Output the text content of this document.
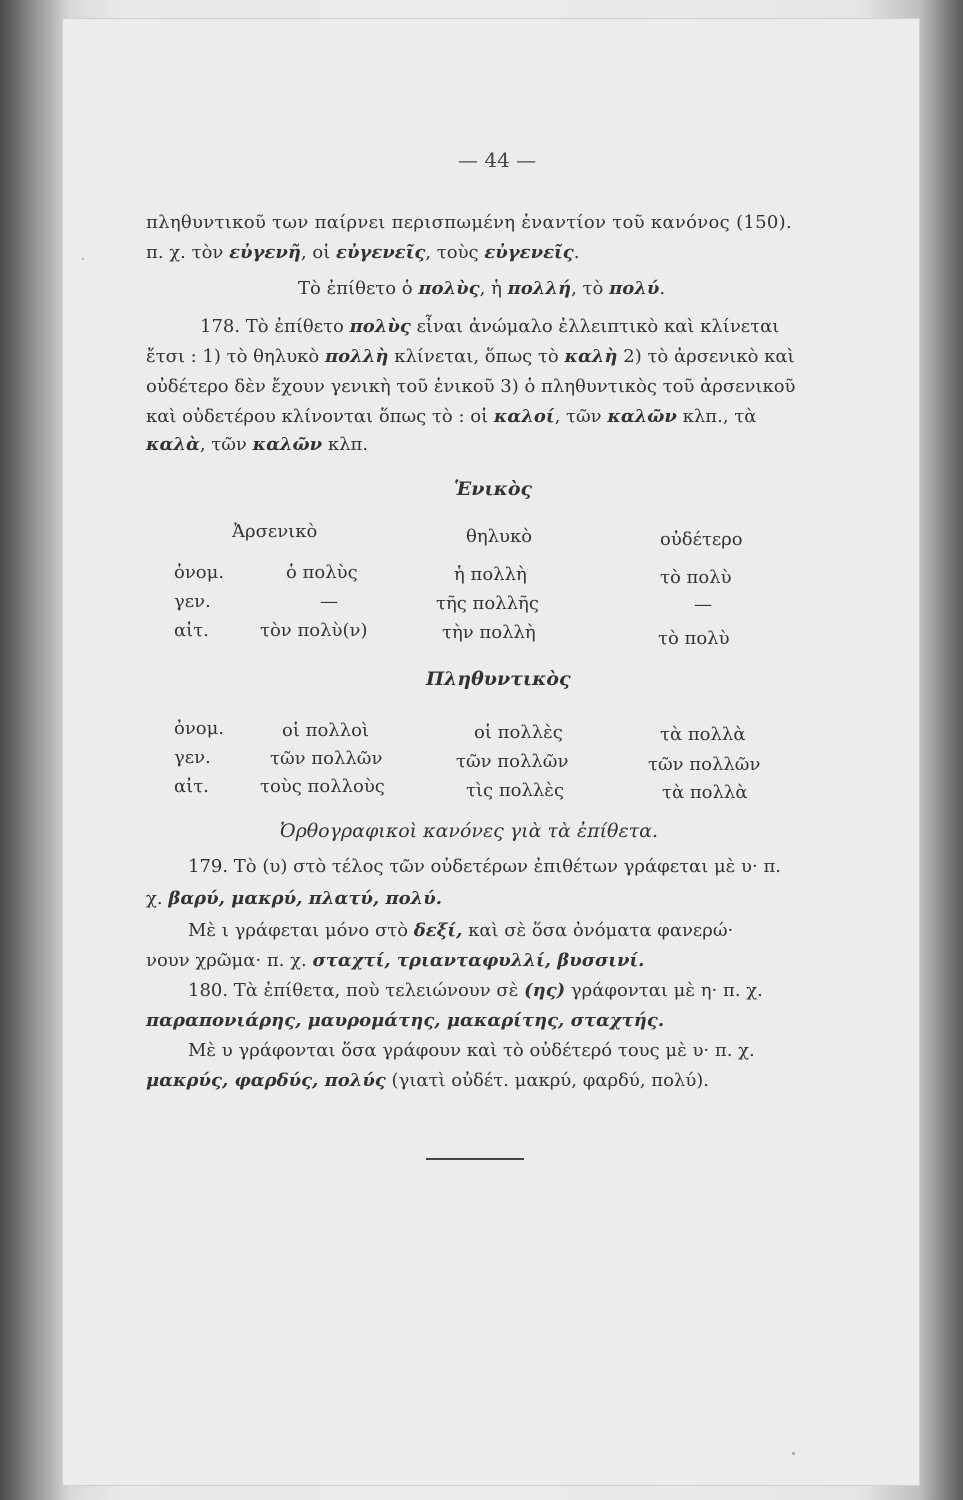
— 44 —
πληθυντικοῦ των παίρνει περισπωμένη ἐναντίον τοῦ κανόνος (150).
π. χ. τὸν εὐγενῆ, οἱ εὐγενεῖς, τοὺς εὐγενεῖς.
Τὸ ἐπίθετο ὁ πολὺς, ἡ πολλή, τὸ πολύ.
178. Τὸ ἐπίθετο πολὺς εἶναι ἀνώμαλο ἐλλειπτικὸ καὶ κλίνεται
ἔτσι : 1) τὸ θηλυκὸ πολλὴ κλίνεται, ὅπως τὸ καλὴ 2) τὸ ἀρσενικὸ καὶ
οὐδέτερο δὲν ἔχουν γενικὴ τοῦ ἑνικοῦ 3) ὁ πληθυντικὸς τοῦ ἀρσενικοῦ
καὶ οὐδετέρου κλίνονται ὅπως τὸ : οἱ καλοί, τῶν καλῶν κλπ., τὰ
καλὰ, τῶν καλῶν κλπ.
Ἑνικὸς
Ἀρσενικὸ	θηλυκὸ	οὐδέτερο
ὀνομ.	ὁ πολὺς	ἡ πολλὴ	τὸ πολὺ
γεν.	—	τῆς πολλῆς	—
αἰτ.	τὸν πολὺ(ν)	τὴν πολλὴ	τὸ πολὺ
Πληθυντικὸς
ὀνομ.	οἱ πολλοὶ	οἱ πολλὲς	τὰ πολλὰ
γεν.	τῶν πολλῶν	τῶν πολλῶν	τῶν πολλῶν
αἰτ.	τοὺς πολλοὺς	τὶς πολλὲς	τὰ πολλὰ
Ὀρθογραφικοὶ κανόνες γιὰ τὰ ἐπίθετα.
179. Τὸ (υ) στὸ τέλος τῶν οὐδετέρων ἐπιθέτων γράφεται μὲ υ· π.
χ. βαρύ, μακρύ, πλατύ, πολύ.
Μὲ ι γράφεται μόνο στὸ δεξί, καὶ σὲ ὅσα ὀνόματα φανερώ·
νουν χρῶμα· π. χ. σταχτί, τριανταφυλλί, βυσσινί.
180. Τὰ ἐπίθετα, ποὺ τελειώνουν σὲ (ης) γράφονται μὲ η· π. χ.
παραπονιάρης, μαυρομάτης, μακαρίτης, σταχτής.
Μὲ υ γράφονται ὅσα γράφουν καὶ τὸ οὐδέτερό τους μὲ υ· π. χ.
μακρύς, φαρδύς, πολύς (γιατὶ οὐδέτ. μακρύ, φαρδύ, πολύ).
